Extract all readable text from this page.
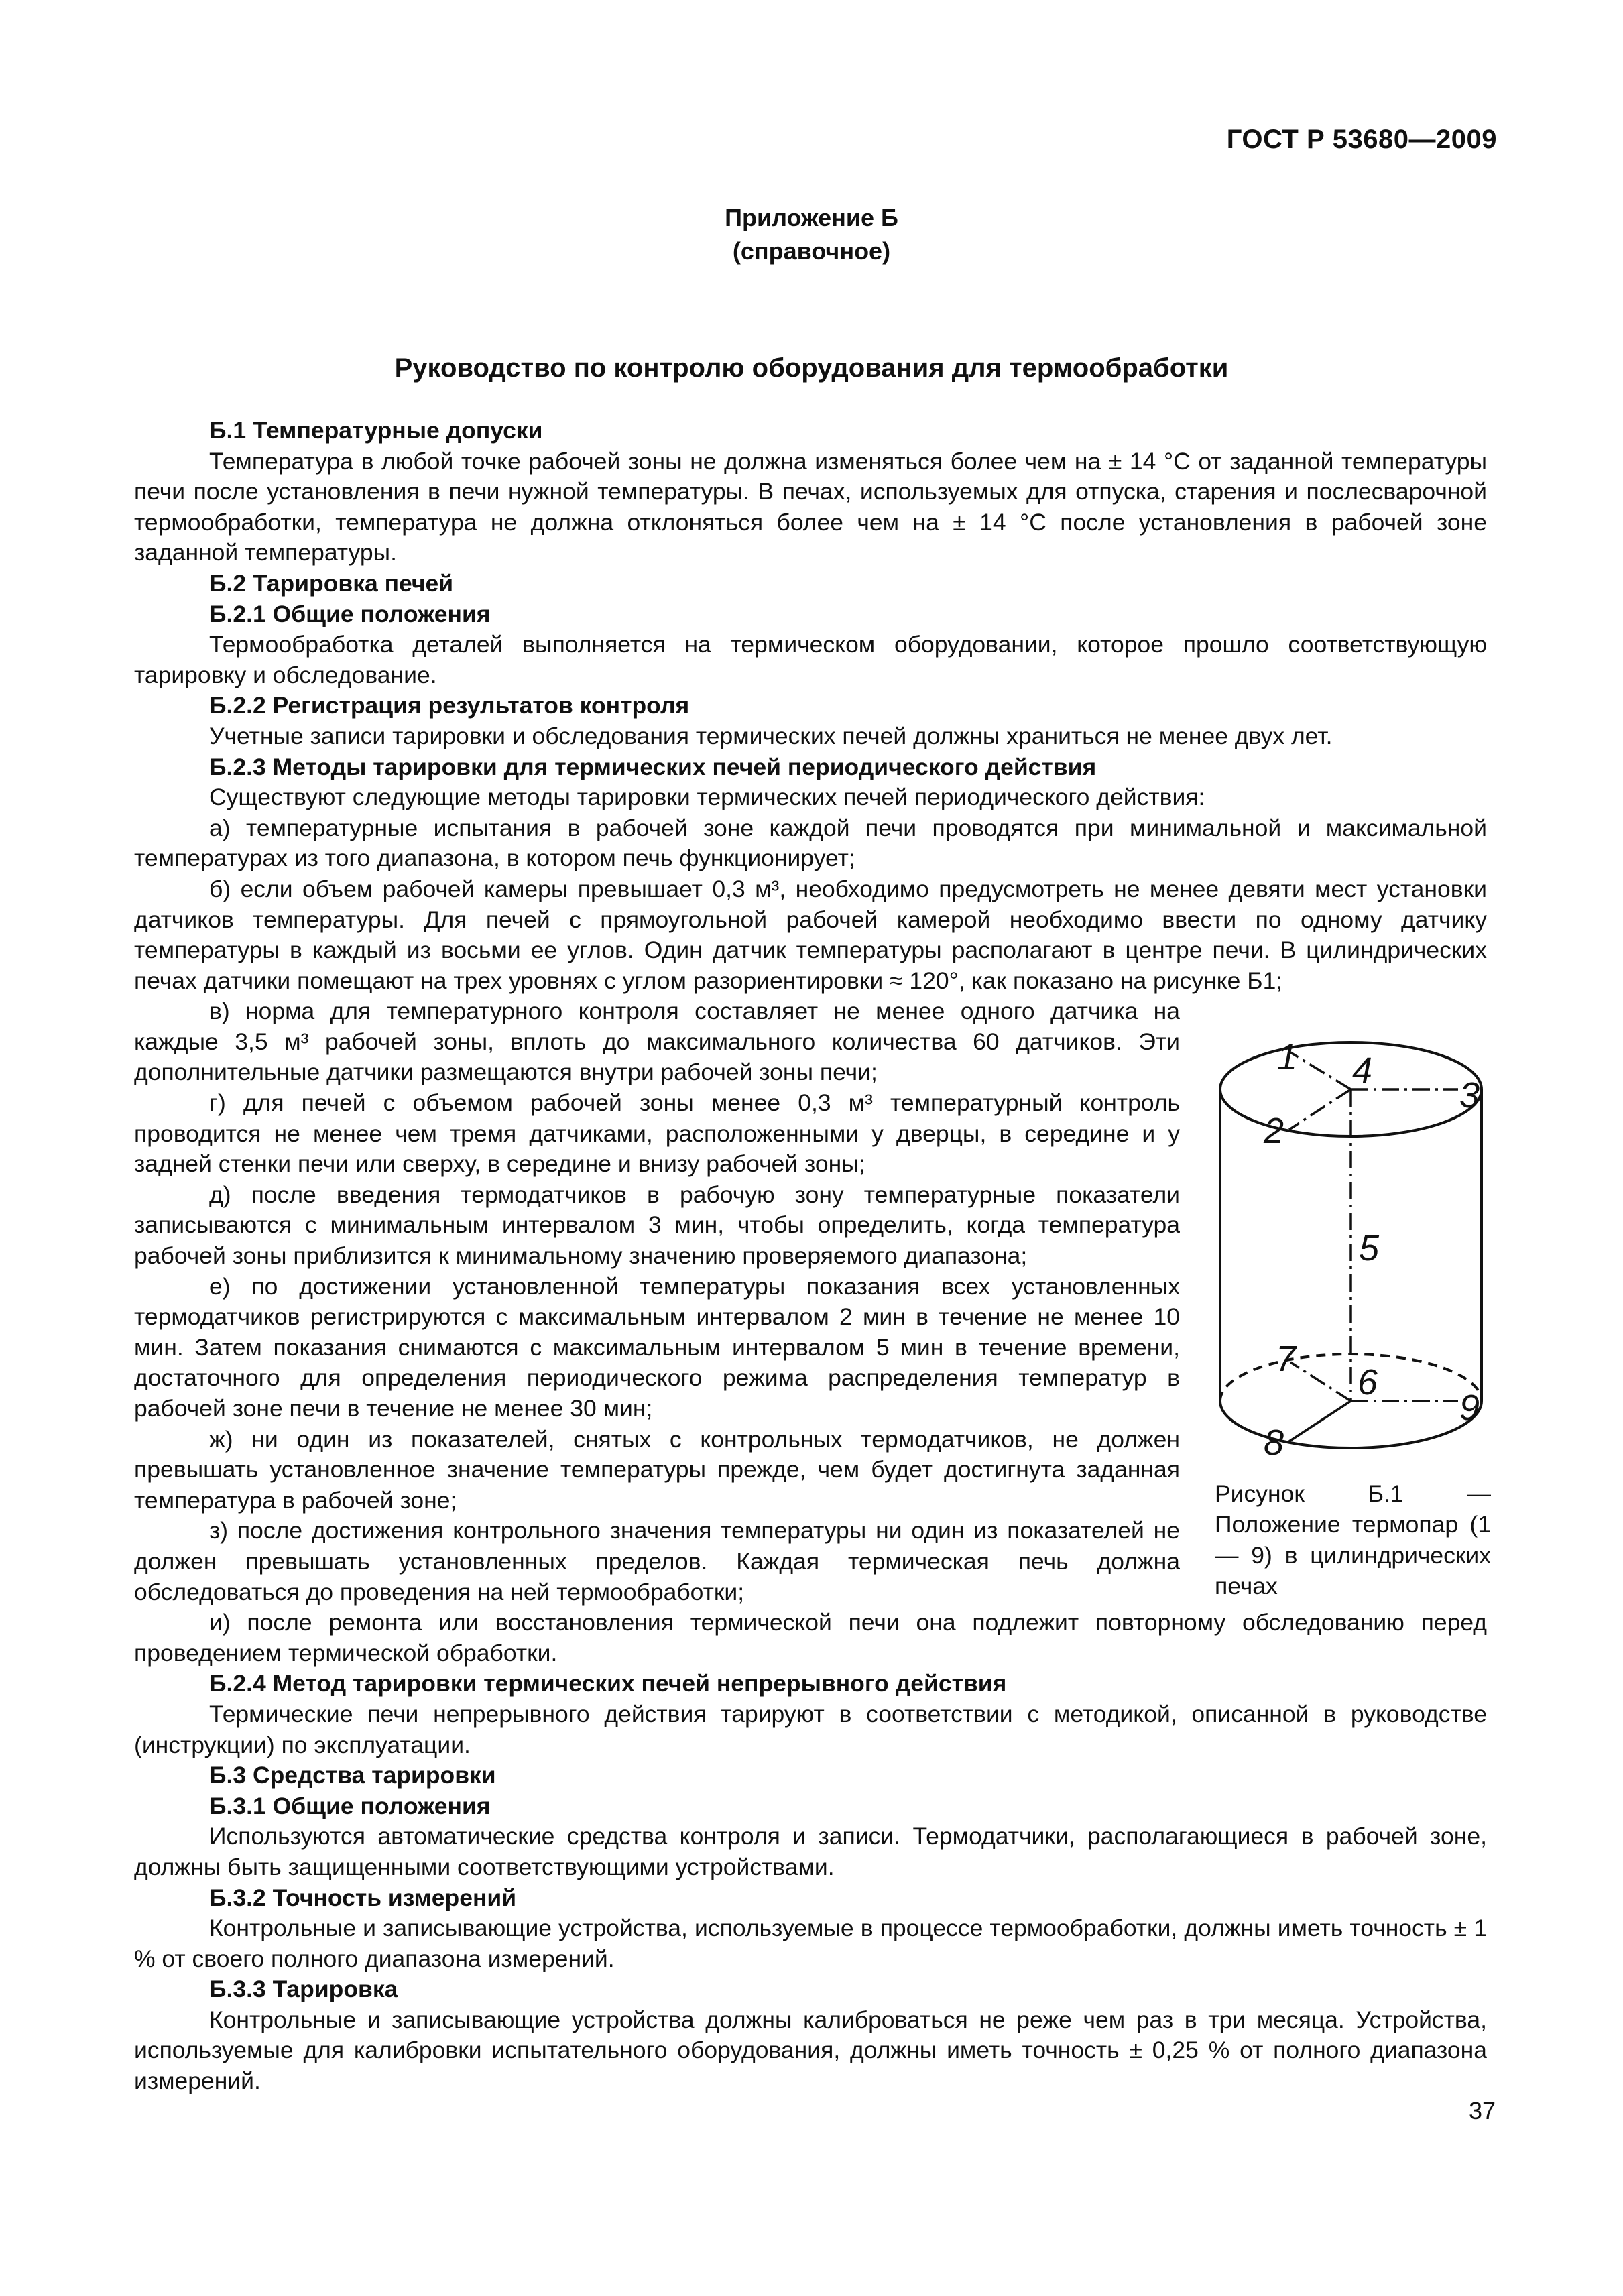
ГОСТ Р 53680—2009
Приложение Б
(справочное)
Руководство по контролю оборудования для термообработки

Б.1 Температурные допуски

Температура в любой точке рабочей зоны не должна изменяться более чем на ± 14 °С от заданной температуры печи после установления в печи нужной температуры. В печах, используемых для отпуска, старения и послесварочной термообработки, температура не должна отклоняться более чем на ± 14 °С после установления в рабочей зоне заданной температуры.

Б.2 Тарировка печей

Б.2.1 Общие положения

Термообработка деталей выполняется на термическом оборудовании, которое прошло соответствующую тарировку и обследование.

Б.2.2 Регистрация результатов контроля

Учетные записи тарировки и обследования термических печей должны храниться не менее двух лет.

Б.2.3 Методы тарировки для термических печей периодического действия

Существуют следующие методы тарировки термических печей периодического действия:

а) температурные испытания в рабочей зоне каждой печи проводятся при минимальной и максимальной температурах из того диапазона, в котором печь функционирует;

б) если объем рабочей камеры превышает 0,3 м³, необходимо предусмотреть не менее девяти мест установки датчиков температуры. Для печей с прямоугольной рабочей камерой необходимо ввести по одному датчику температуры в каждый из восьми ее углов. Один датчик температуры располагают в центре печи. В цилиндрических печах датчики помещают на трех уровнях с углом разориентировки ≈ 120°, как показано на рисунке Б1;

в) норма для температурного контроля составляет не менее одного датчика на каждые 3,5 м³ рабочей зоны, вплоть до максимального количества 60 датчиков. Эти дополнительные датчики размещаются внутри рабочей зоны печи;

г) для печей с объемом рабочей зоны менее 0,3 м³ температурный контроль проводится не менее чем тремя датчиками, расположенными у дверцы, в середине и у задней стенки печи или сверху, в середине и внизу рабочей зоны;

д) после введения термодатчиков в рабочую зону температурные показатели записываются с минимальным интервалом 3 мин, чтобы определить, когда температура рабочей зоны приблизится к минимальному значению проверяемого диапазона;

е) по достижении установленной температуры показания всех установленных термодатчиков регистрируются с максимальным интервалом 2 мин в течение не менее 10 мин. Затем показания снимаются с максимальным интервалом 5 мин в течение времени, достаточного для определения периодического режима распределения температур в рабочей зоне печи в течение не менее 30 мин;

ж) ни один из показателей, снятых с контрольных термодатчиков, не должен превышать установленное значение температуры прежде, чем будет достигнута заданная температура в рабочей зоне;

з) после достижения контрольного значения температуры ни один из показателей не должен превышать установленных пределов. Каждая термическая печь должна обследоваться до проведения на ней термообработки;

и) после ремонта или восстановления термической печи она подлежит повторному обследованию перед проведением термической обработки.

Б.2.4 Метод тарировки термических печей непрерывного действия

Термические печи непрерывного действия тарируют в соответствии с методикой, описанной в руководстве (инструкции) по эксплуатации.

Б.3 Средства тарировки

Б.3.1 Общие положения

Используются автоматические средства контроля и записи. Термодатчики, располагающиеся в рабочей зоне, должны быть защищенными соответствующими устройствами.

Б.3.2 Точность измерений

Контрольные и записывающие устройства, используемые в процессе термообработки, должны иметь точность ± 1 % от своего полного диапазона измерений.

Б.3.3 Тарировка

Контрольные и записывающие устройства должны калиброваться не реже чем раз в три месяца. Устройства, используемые для калибровки испытательного оборудования, должны иметь точность ± 0,25 % от полного диапазона измерений.

1
2
3
4
5
6
7
8
9
Рисунок Б.1 — Положение термопар (1 — 9) в цилиндрических печах
37
